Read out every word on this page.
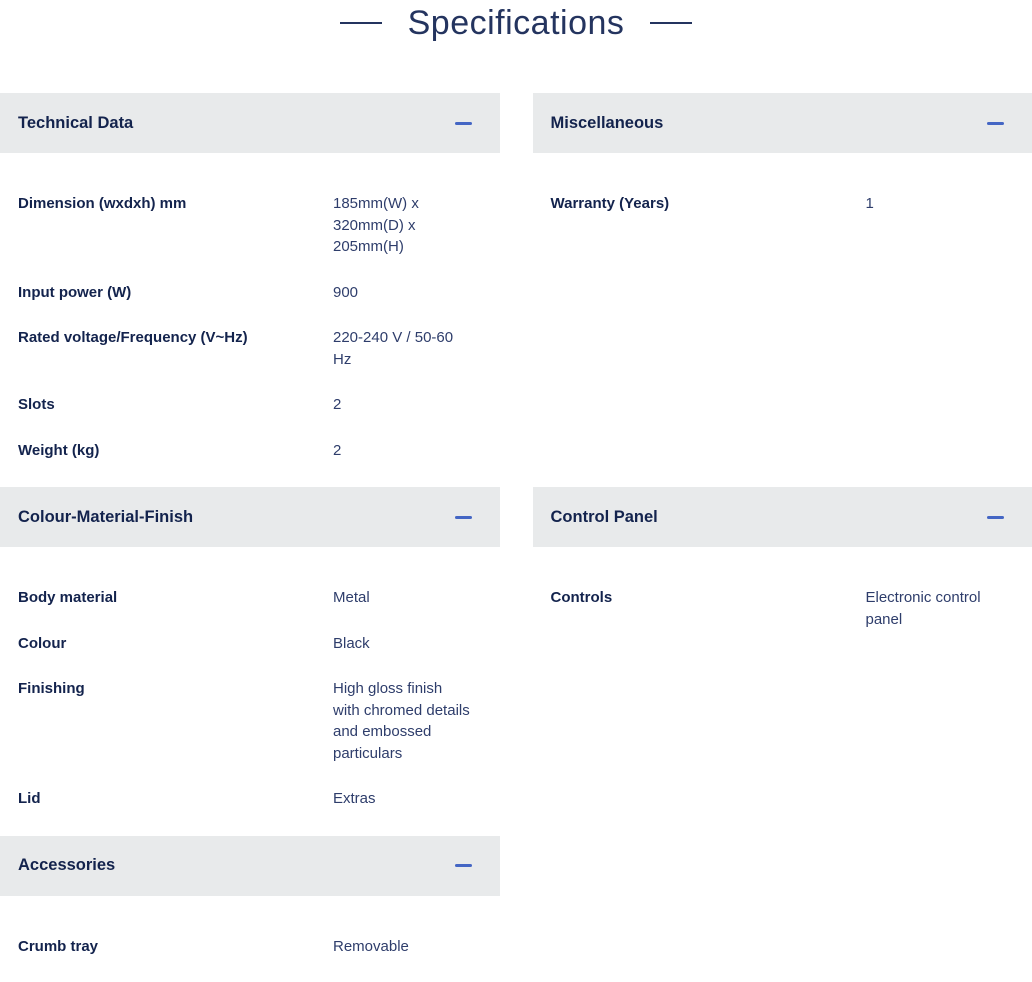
Specifications
Technical Data
Dimension (wxdxh) mm	185mm(W) x 320mm(D) x 205mm(H)
Input power (W)	900
Rated voltage/Frequency (V~Hz)	220-240 V / 50-60 Hz
Slots	2
Weight (kg)	2
Miscellaneous
Warranty (Years)	1
Colour-Material-Finish
Body material	Metal
Colour	Black
Finishing	High gloss finish with chromed details and embossed particulars
Lid	Extras
Control Panel
Controls	Electronic control panel
Accessories
Crumb tray	Removable
